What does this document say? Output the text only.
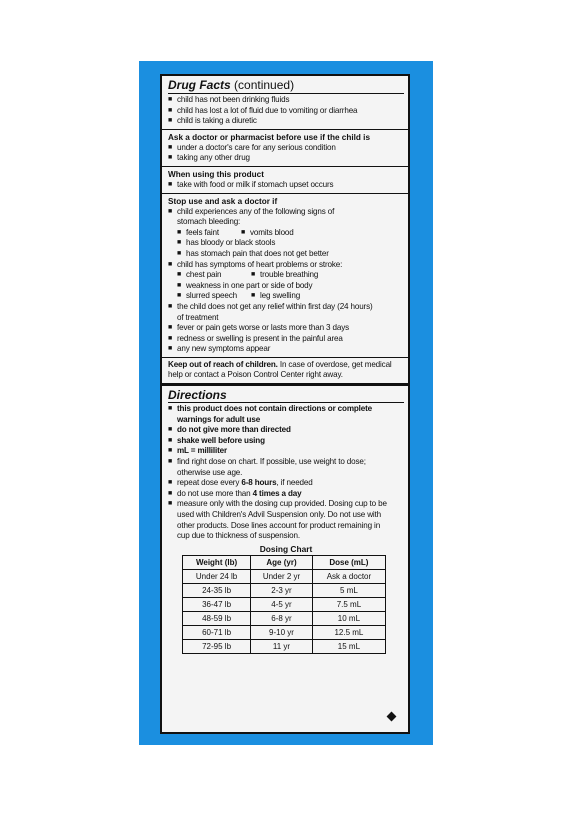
Drug Facts (continued)
■ child has not been drinking fluids
■ child has lost a lot of fluid due to vomiting or diarrhea
■ child is taking a diuretic
Ask a doctor or pharmacist before use if the child is
■ under a doctor's care for any serious condition
■ taking any other drug
When using this product
■ take with food or milk if stomach upset occurs
Stop use and ask a doctor if
■ child experiences any of the following signs of
stomach bleeding:
■ feels faint	■ vomits blood
■ has bloody or black stools
■ has stomach pain that does not get better
■ child has symptoms of heart problems or stroke:
■ chest pain	■ trouble breathing
■ weakness in one part or side of body
■ slurred speech	■ leg swelling
■ the child does not get any relief within first day (24 hours)
of treatment
■ fever or pain gets worse or lasts more than 3 days
■ redness or swelling is present in the painful area
■ any new symptoms appear
Keep out of reach of children. In case of overdose, get medical
help or contact a Poison Control Center right away.
Directions
■ this product does not contain directions or complete
warnings for adult use
■ do not give more than directed
■ shake well before using
■ mL = milliliter
■ find right dose on chart. If possible, use weight to dose;
otherwise use age.
■ repeat dose every 6-8 hours, if needed
■ do not use more than 4 times a day
■ measure only with the dosing cup provided. Dosing cup to be
used with Children's Advil Suspension only. Do not use with
other products. Dose lines account for product remaining in
cup due to thickness of suspension.
Dosing Chart
Weight (lb)	Age (yr)	Dose (mL)
Under 24 lb	Under 2 yr	Ask a doctor
24-35 lb	2-3 yr	5 mL
36-47 lb	4-5 yr	7.5 mL
48-59 lb	6-8 yr	10 mL
60-71 lb	9-10 yr	12.5 mL
72-95 lb	11 yr	15 mL
